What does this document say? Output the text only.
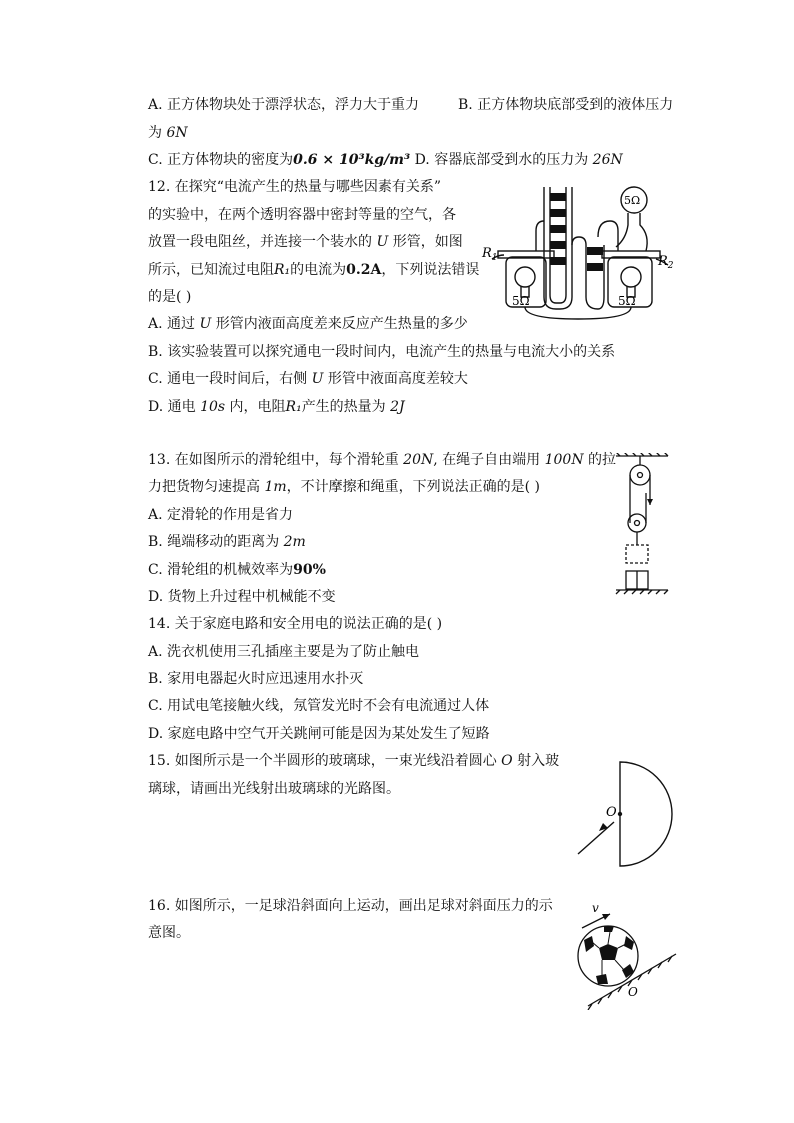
A. 正方体物块处于漂浮状态，浮力大于重力	B. 正方体物块底部受到的液体压力
为 6N
C. 正方体物块的密度为0.6 × 10³kg/m³ D. 容器底部受到水的压力为 26N
12. 在探究“电流产生的热量与哪些因素有关系”
的实验中，在两个透明容器中密封等量的空气，各
放置一段电阻丝，并连接一个装水的 U 形管，如图
所示，已知流过电阻R₁的电流为0.2A，下列说法错误
的是( )
A. 通过 U 形管内液面高度差来反应产生热量的多少
B. 该实验装置可以探究通电一段时间内，电流产生的热量与电流大小的关系
C. 通电一段时间后，右侧 U 形管中液面高度差较大
D. 通电 10s 内，电阻R₁产生的热量为 2J
$R_1$	$R_2$
5Ω	5Ω
5Ω
13. 在如图所示的滑轮组中，每个滑轮重 20N, 在绳子自由端用 100N 的拉
力把货物匀速提高 1m，不计摩擦和绳重，下列说法正确的是( )
A. 定滑轮的作用是省力
B. 绳端移动的距离为 2m
C. 滑轮组的机械效率为90%
D. 货物上升过程中机械能不变
14. 关于家庭电路和安全用电的说法正确的是( )
A. 洗衣机使用三孔插座主要是为了防止触电
B. 家用电器起火时应迅速用水扑灭
C. 用试电笔接触火线，氖管发光时不会有电流通过人体
D. 家庭电路中空气开关跳闸可能是因为某处发生了短路
15. 如图所示是一个半圆形的玻璃球，一束光线沿着圆心 O 射入玻
璃球，请画出光线射出玻璃球的光路图。
O
16. 如图所示，一足球沿斜面向上运动，画出足球对斜面压力的示
意图。
v
O
